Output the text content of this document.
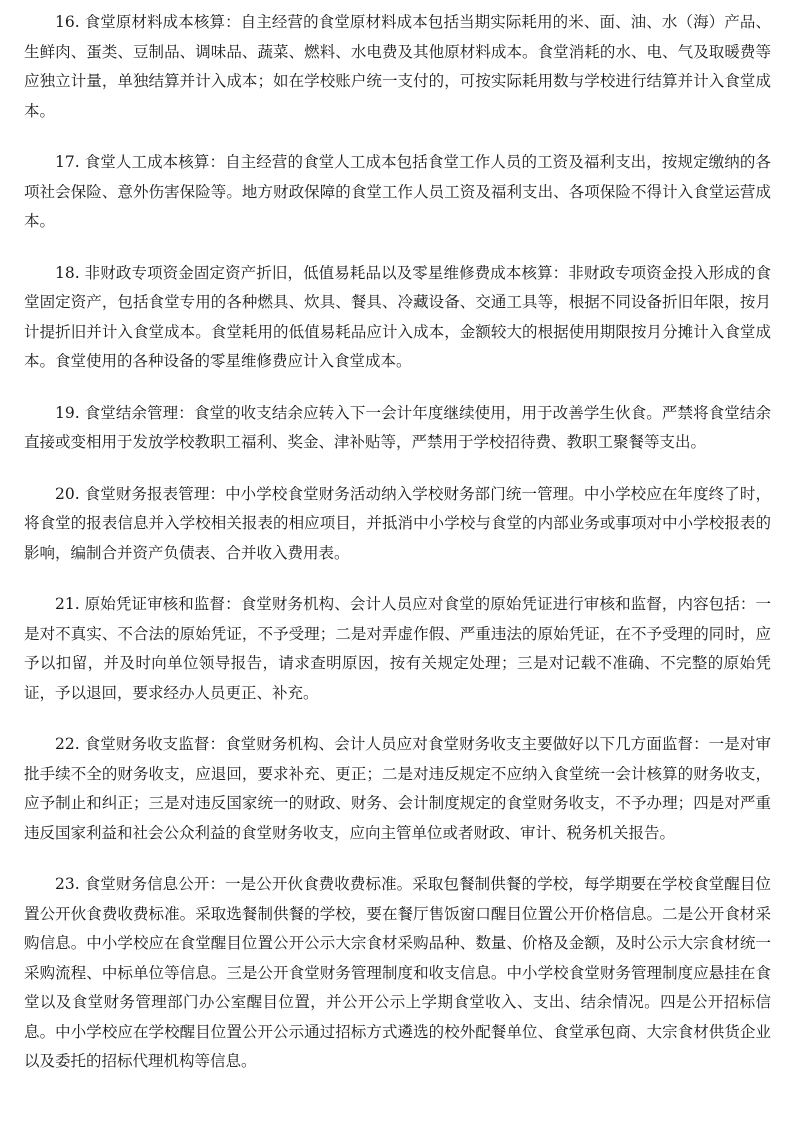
16. 食堂原材料成本核算：自主经营的食堂原材料成本包括当期实际耗用的米、面、油、水（海）产品、生鲜肉、蛋类、豆制品、调味品、蔬菜、燃料、水电费及其他原材料成本。食堂消耗的水、电、气及取暖费等应独立计量，单独结算并计入成本；如在学校账户统一支付的，可按实际耗用数与学校进行结算并计入食堂成本。

17. 食堂人工成本核算：自主经营的食堂人工成本包括食堂工作人员的工资及福利支出，按规定缴纳的各项社会保险、意外伤害保险等。地方财政保障的食堂工作人员工资及福利支出、各项保险不得计入食堂运营成本。

18. 非财政专项资金固定资产折旧，低值易耗品以及零星维修费成本核算：非财政专项资金投入形成的食堂固定资产，包括食堂专用的各种燃具、炊具、餐具、冷藏设备、交通工具等，根据不同设备折旧年限，按月计提折旧并计入食堂成本。食堂耗用的低值易耗品应计入成本，金额较大的根据使用期限按月分摊计入食堂成本。食堂使用的各种设备的零星维修费应计入食堂成本。

19. 食堂结余管理：食堂的收支结余应转入下一会计年度继续使用，用于改善学生伙食。严禁将食堂结余直接或变相用于发放学校教职工福利、奖金、津补贴等，严禁用于学校招待费、教职工聚餐等支出。

20. 食堂财务报表管理：中小学校食堂财务活动纳入学校财务部门统一管理。中小学校应在年度终了时，将食堂的报表信息并入学校相关报表的相应项目，并抵消中小学校与食堂的内部业务或事项对中小学校报表的影响，编制合并资产负债表、合并收入费用表。

21. 原始凭证审核和监督：食堂财务机构、会计人员应对食堂的原始凭证进行审核和监督，内容包括：一是对不真实、不合法的原始凭证，不予受理；二是对弄虚作假、严重违法的原始凭证，在不予受理的同时，应予以扣留，并及时向单位领导报告，请求查明原因，按有关规定处理；三是对记载不准确、不完整的原始凭证，予以退回，要求经办人员更正、补充。

22. 食堂财务收支监督：食堂财务机构、会计人员应对食堂财务收支主要做好以下几方面监督：一是对审批手续不全的财务收支，应退回，要求补充、更正；二是对违反规定不应纳入食堂统一会计核算的财务收支，应予制止和纠正；三是对违反国家统一的财政、财务、会计制度规定的食堂财务收支，不予办理；四是对严重违反国家利益和社会公众利益的食堂财务收支，应向主管单位或者财政、审计、税务机关报告。

23. 食堂财务信息公开：一是公开伙食费收费标准。采取包餐制供餐的学校，每学期要在学校食堂醒目位置公开伙食费收费标准。采取选餐制供餐的学校，要在餐厅售饭窗口醒目位置公开价格信息。二是公开食材采购信息。中小学校应在食堂醒目位置公开公示大宗食材采购品种、数量、价格及金额，及时公示大宗食材统一采购流程、中标单位等信息。三是公开食堂财务管理制度和收支信息。中小学校食堂财务管理制度应悬挂在食堂以及食堂财务管理部门办公室醒目位置，并公开公示上学期食堂收入、支出、结余情况。四是公开招标信息。中小学校应在学校醒目位置公开公示通过招标方式遴选的校外配餐单位、食堂承包商、大宗食材供货企业以及委托的招标代理机构等信息。
